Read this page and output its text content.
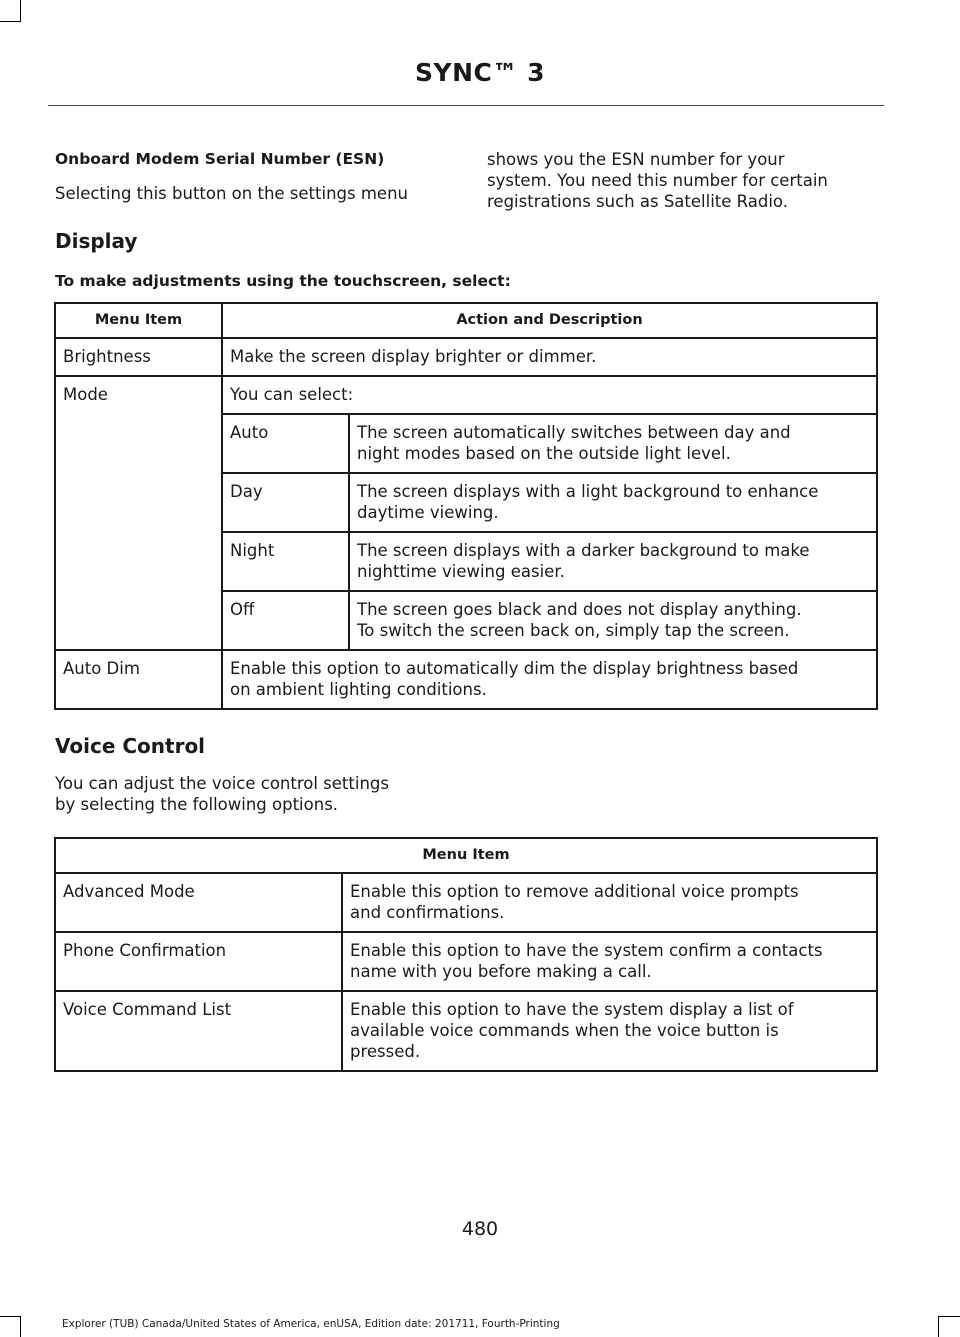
SYNC™ 3
Onboard Modem Serial Number (ESN)
Selecting this button on the settings menu
shows you the ESN number for your
system. You need this number for certain
registrations such as Satellite Radio.
Display
To make adjustments using the touchscreen, select:
Menu Item	Action and Description
Brightness	Make the screen display brighter or dimmer.
Mode		You can select:
Auto	The screen automatically switches between day and
night modes based on the outside light level.

Day	The screen displays with a light background to enhance
daytime viewing.

Night	The screen displays with a darker background to make
nighttime viewing easier.

Off	The screen goes black and does not display anything.
To switch the screen back on, simply tap the screen.

Auto Dim	Enable this option to automatically dim the display brightness based
on ambient lighting conditions.
Voice Control
You can adjust the voice control settings
by selecting the following options.
Menu Item	
Advanced Mode	Enable this option to remove additional voice prompts
and confirmations.

Phone Confirmation	Enable this option to have the system confirm a contacts
name with you before making a call.

Voice Command List	Enable this option to have the system display a list of
available voice commands when the voice button is
pressed.
480
Explorer (TUB) Canada/United States of America, enUSA, Edition date: 201711, Fourth-Printing
